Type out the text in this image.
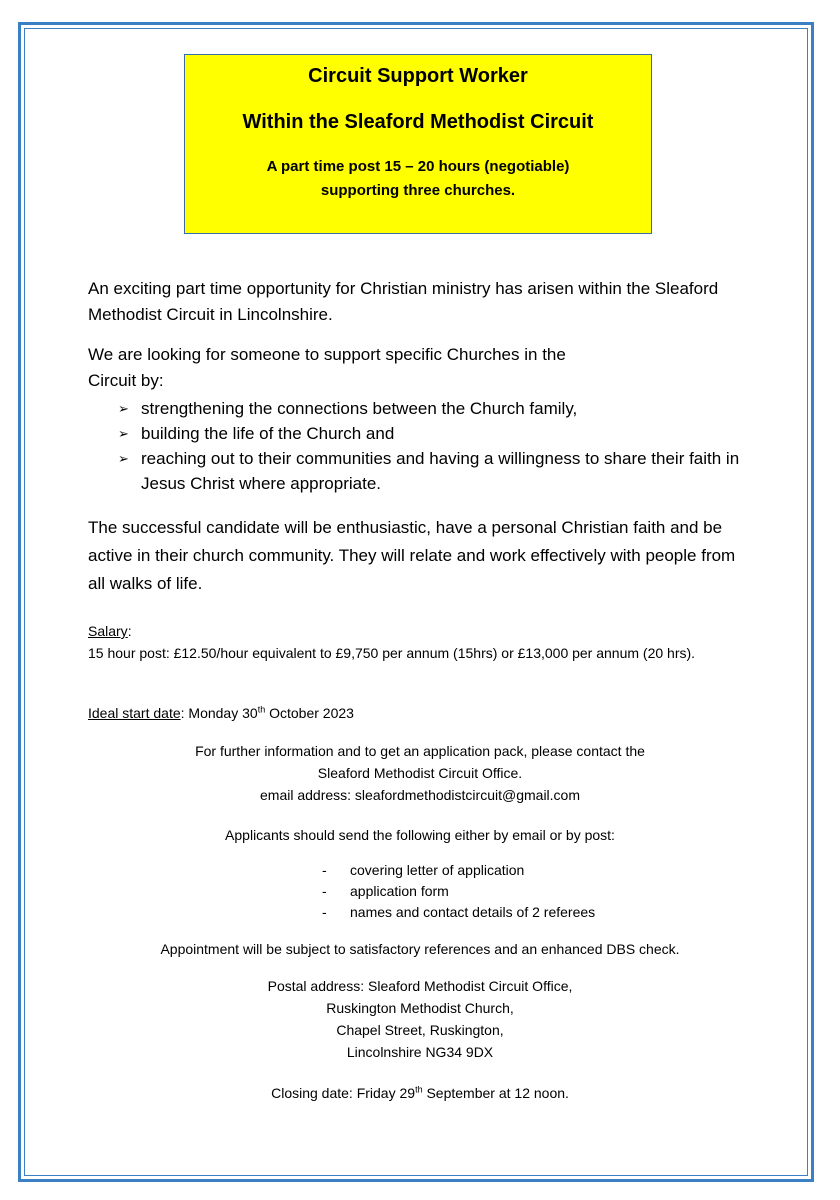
Circuit Support Worker
Within the Sleaford Methodist Circuit
A part time post 15 – 20 hours (negotiable)
supporting three churches.

An exciting part time opportunity for Christian ministry has arisen within the Sleaford Methodist Circuit in Lincolnshire.

We are looking for someone to support specific Churches in the Circuit by:

➢ strengthening the connections between the Church family,
➢ building the life of the Church and
➢ reaching out to their communities and having a willingness to share their faith in Jesus Christ where appropriate.

The successful candidate will be enthusiastic, have a personal Christian faith and be active in their church community. They will relate and work effectively with people from all walks of life.

Salary:
15 hour post: £12.50/hour equivalent to £9,750 per annum (15hrs) or £13,000 per annum (20 hrs).
Ideal start date: Monday 30th October 2023
For further information and to get an application pack, please contact the
Sleaford Methodist Circuit Office.
email address: sleafordmethodistcircuit@gmail.com
Applicants should send the following either by email or by post:
- covering letter of application
- application form
- names and contact details of 2 referees
Appointment will be subject to satisfactory references and an enhanced DBS check.
Postal address: Sleaford Methodist Circuit Office,
Ruskington Methodist Church,
Chapel Street, Ruskington,
Lincolnshire NG34 9DX
Closing date: Friday 29th September at 12 noon.
